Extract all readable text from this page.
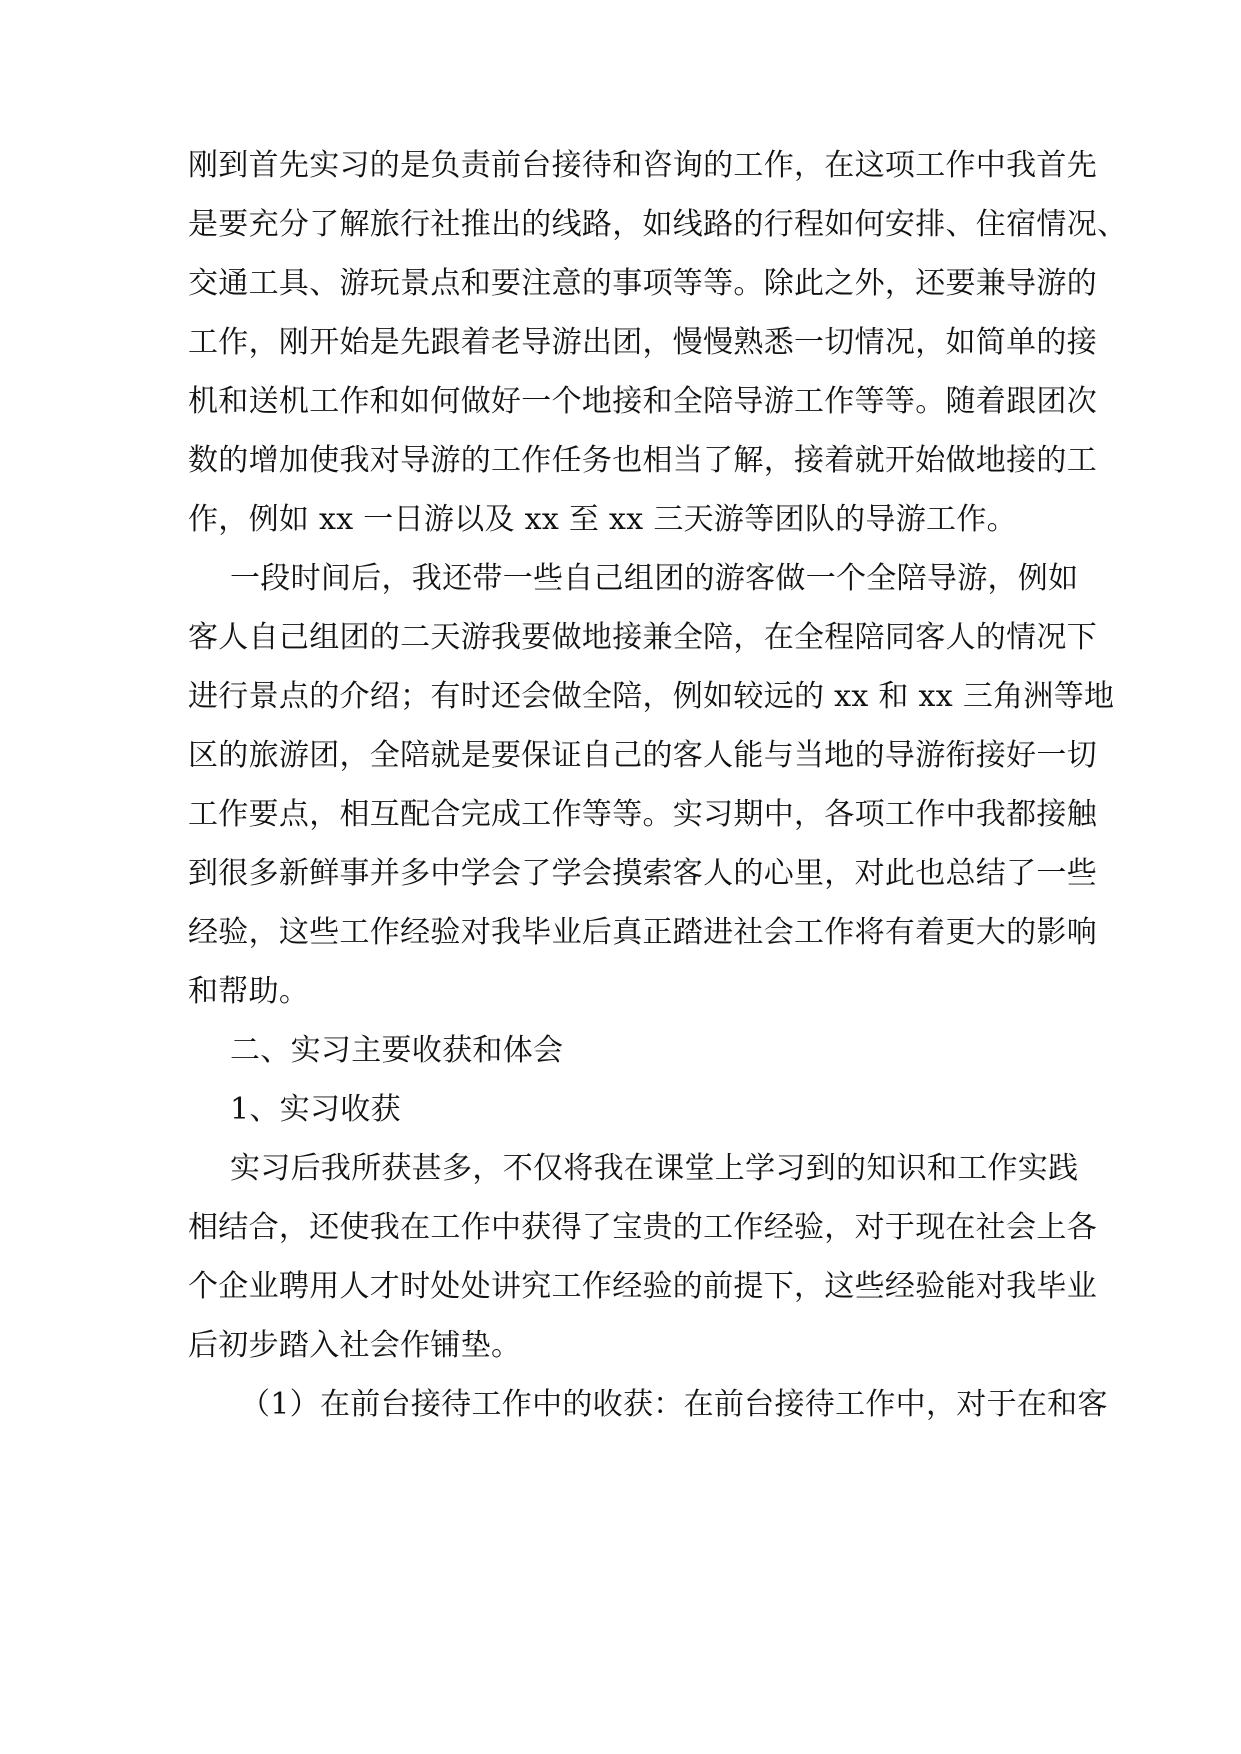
刚到首先实习的是负责前台接待和咨询的工作，在这项工作中我首先
是要充分了解旅行社推出的线路，如线路的行程如何安排、住宿情况、
交通工具、游玩景点和要注意的事项等等。除此之外，还要兼导游的
工作，刚开始是先跟着老导游出团，慢慢熟悉一切情况，如简单的接
机和送机工作和如何做好一个地接和全陪导游工作等等。随着跟团次
数的增加使我对导游的工作任务也相当了解，接着就开始做地接的工
作，例如 xx 一日游以及 xx 至 xx 三天游等团队的导游工作。
一段时间后，我还带一些自己组团的游客做一个全陪导游，例如
客人自己组团的二天游我要做地接兼全陪，在全程陪同客人的情况下
进行景点的介绍；有时还会做全陪，例如较远的 xx 和 xx 三角洲等地
区的旅游团，全陪就是要保证自己的客人能与当地的导游衔接好一切
工作要点，相互配合完成工作等等。实习期中，各项工作中我都接触
到很多新鲜事并多中学会了学会摸索客人的心里，对此也总结了一些
经验，这些工作经验对我毕业后真正踏进社会工作将有着更大的影响
和帮助。
二、实习主要收获和体会
1、实习收获
实习后我所获甚多，不仅将我在课堂上学习到的知识和工作实践
相结合，还使我在工作中获得了宝贵的工作经验，对于现在社会上各
个企业聘用人才时处处讲究工作经验的前提下，这些经验能对我毕业
后初步踏入社会作铺垫。
（1）在前台接待工作中的收获：在前台接待工作中，对于在和客
